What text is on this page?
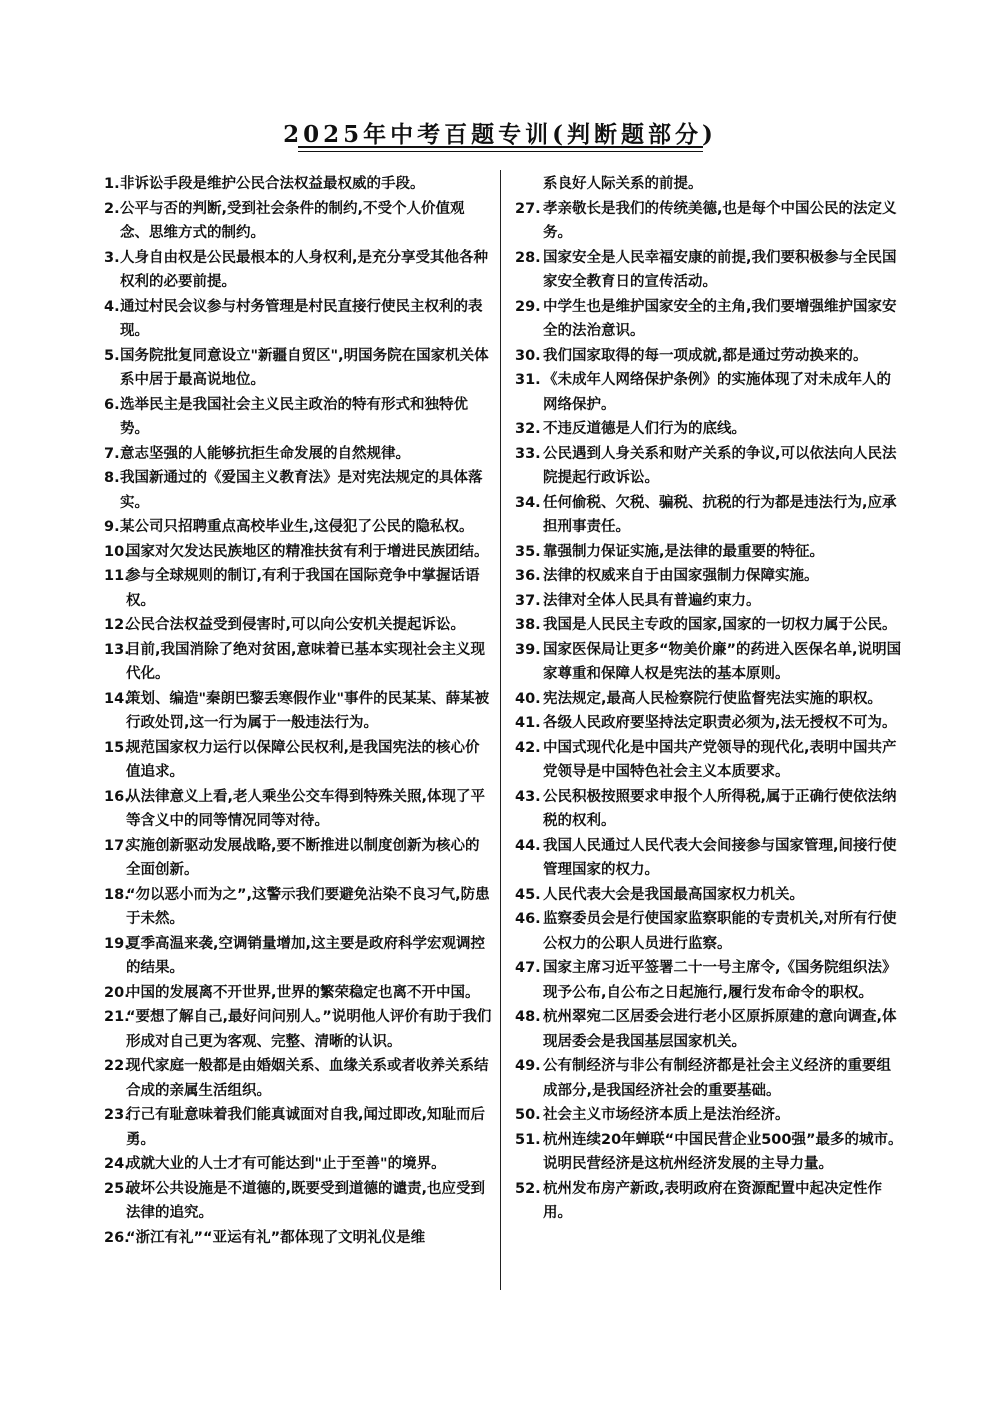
2025年中考百题专训(判断题部分)
1. 非诉讼手段是维护公民合法权益最权威的手段。
2. 公平与否的判断,受到社会条件的制约,不受个人价值观念、思维方式的制约。
3. 人身自由权是公民最根本的人身权利,是充分享受其他各种权利的必要前提。
4. 通过村民会议参与村务管理是村民直接行使民主权利的表现。
5. 国务院批复同意设立"新疆自贸区",明国务院在国家机关体系中居于最高说地位。
6. 选举民主是我国社会主义民主政治的特有形式和独特优势。
7. 意志坚强的人能够抗拒生命发展的自然规律。
8. 我国新通过的《爱国主义教育法》是对宪法规定的具体落实。
9. 某公司只招聘重点高校毕业生,这侵犯了公民的隐私权。
10.
国家对欠发达民族地区的精准扶贫有利于增进民族团结。
11.
参与全球规则的制订,有利于我国在国际竞争中掌握话语权。
12.
公民合法权益受到侵害时,可以向公安机关提起诉讼。
13.
目前,我国消除了绝对贫困,意味着已基本实现社会主义现代化。
14.
策划、编造"秦朗巴黎丢寒假作业"事件的民某某、薛某被行政处罚,这一行为属于一般违法行为。
15.
规范国家权力运行以保障公民权利,是我国宪法的核心价值追求。
16.
从法律意义上看,老人乘坐公交车得到特殊关照,体现了平等含义中的同等情况同等对待。
17.
实施创新驱动发展战略,要不断推进以制度创新为核心的全面创新。
18.
“勿以恶小而为之”,这警示我们要避免沾染不良习气,防患于未然。
19.
夏季高温来袭,空调销量增加,这主要是政府科学宏观调控的结果。
20.
中国的发展离不开世界,世界的繁荣稳定也离不开中国。
21.
“要想了解自己,最好问问别人。”说明他人评价有助于我们形成对自己更为客观、完整、清晰的认识。
22.
现代家庭一般都是由婚姻关系、血缘关系或者收养关系结合成的亲属生活组织。
23.
行己有耻意味着我们能真诚面对自我,闻过即改,知耻而后勇。
24.
成就大业的人士才有可能达到"止于至善"的境界。
25.
破坏公共设施是不道德的,既要受到道德的谴责,也应受到法律的追究。
26.
“浙江有礼”“亚运有礼”都体现了文明礼仪是维
系良好人际关系的前提。
27. 孝亲敬长是我们的传统美德,也是每个中国公民的法定义务。
28. 国家安全是人民幸福安康的前提,我们要积极参与全民国家安全教育日的宣传活动。
29. 中学生也是维护国家安全的主角,我们要增强维护国家安全的法治意识。
30. 我们国家取得的每一项成就,都是通过劳动换来的。
31. 《未成年人网络保护条例》的实施体现了对未成年人的网络保护。
32. 不违反道德是人们行为的底线。
33. 公民遇到人身关系和财产关系的争议,可以依法向人民法院提起行政诉讼。
34. 任何偷税、欠税、骗税、抗税的行为都是违法行为,应承担刑事责任。
35. 靠强制力保证实施,是法律的最重要的特征。
36. 法律的权威来自于由国家强制力保障实施。
37. 法律对全体人民具有普遍约束力。
38. 我国是人民民主专政的国家,国家的一切权力属于公民。
39. 国家医保局让更多“物美价廉”的药进入医保名单,说明国家尊重和保障人权是宪法的基本原则。
40. 宪法规定,最高人民检察院行使监督宪法实施的职权。
41. 各级人民政府要坚持法定职责必须为,法无授权不可为。
42. 中国式现代化是中国共产党领导的现代化,表明中国共产党领导是中国特色社会主义本质要求。
43. 公民积极按照要求申报个人所得税,属于正确行使依法纳税的权利。
44. 我国人民通过人民代表大会间接参与国家管理,间接行使管理国家的权力。
45. 人民代表大会是我国最高国家权力机关。
46. 监察委员会是行使国家监察职能的专责机关,对所有行使公权力的公职人员进行监察。
47. 国家主席习近平签署二十一号主席令,《国务院组织法》现予公布,自公布之日起施行,履行发布命令的职权。
48. 杭州翠宛二区居委会进行老小区原拆原建的意向调查,体现居委会是我国基层国家机关。
49. 公有制经济与非公有制经济都是社会主义经济的重要组成部分,是我国经济社会的重要基础。
50. 社会主义市场经济本质上是法治经济。
51. 杭州连续20年蝉联“中国民营企业500强”最多的城市。说明民营经济是这杭州经济发展的主导力量。
52. 杭州发布房产新政,表明政府在资源配置中起决定性作用。
